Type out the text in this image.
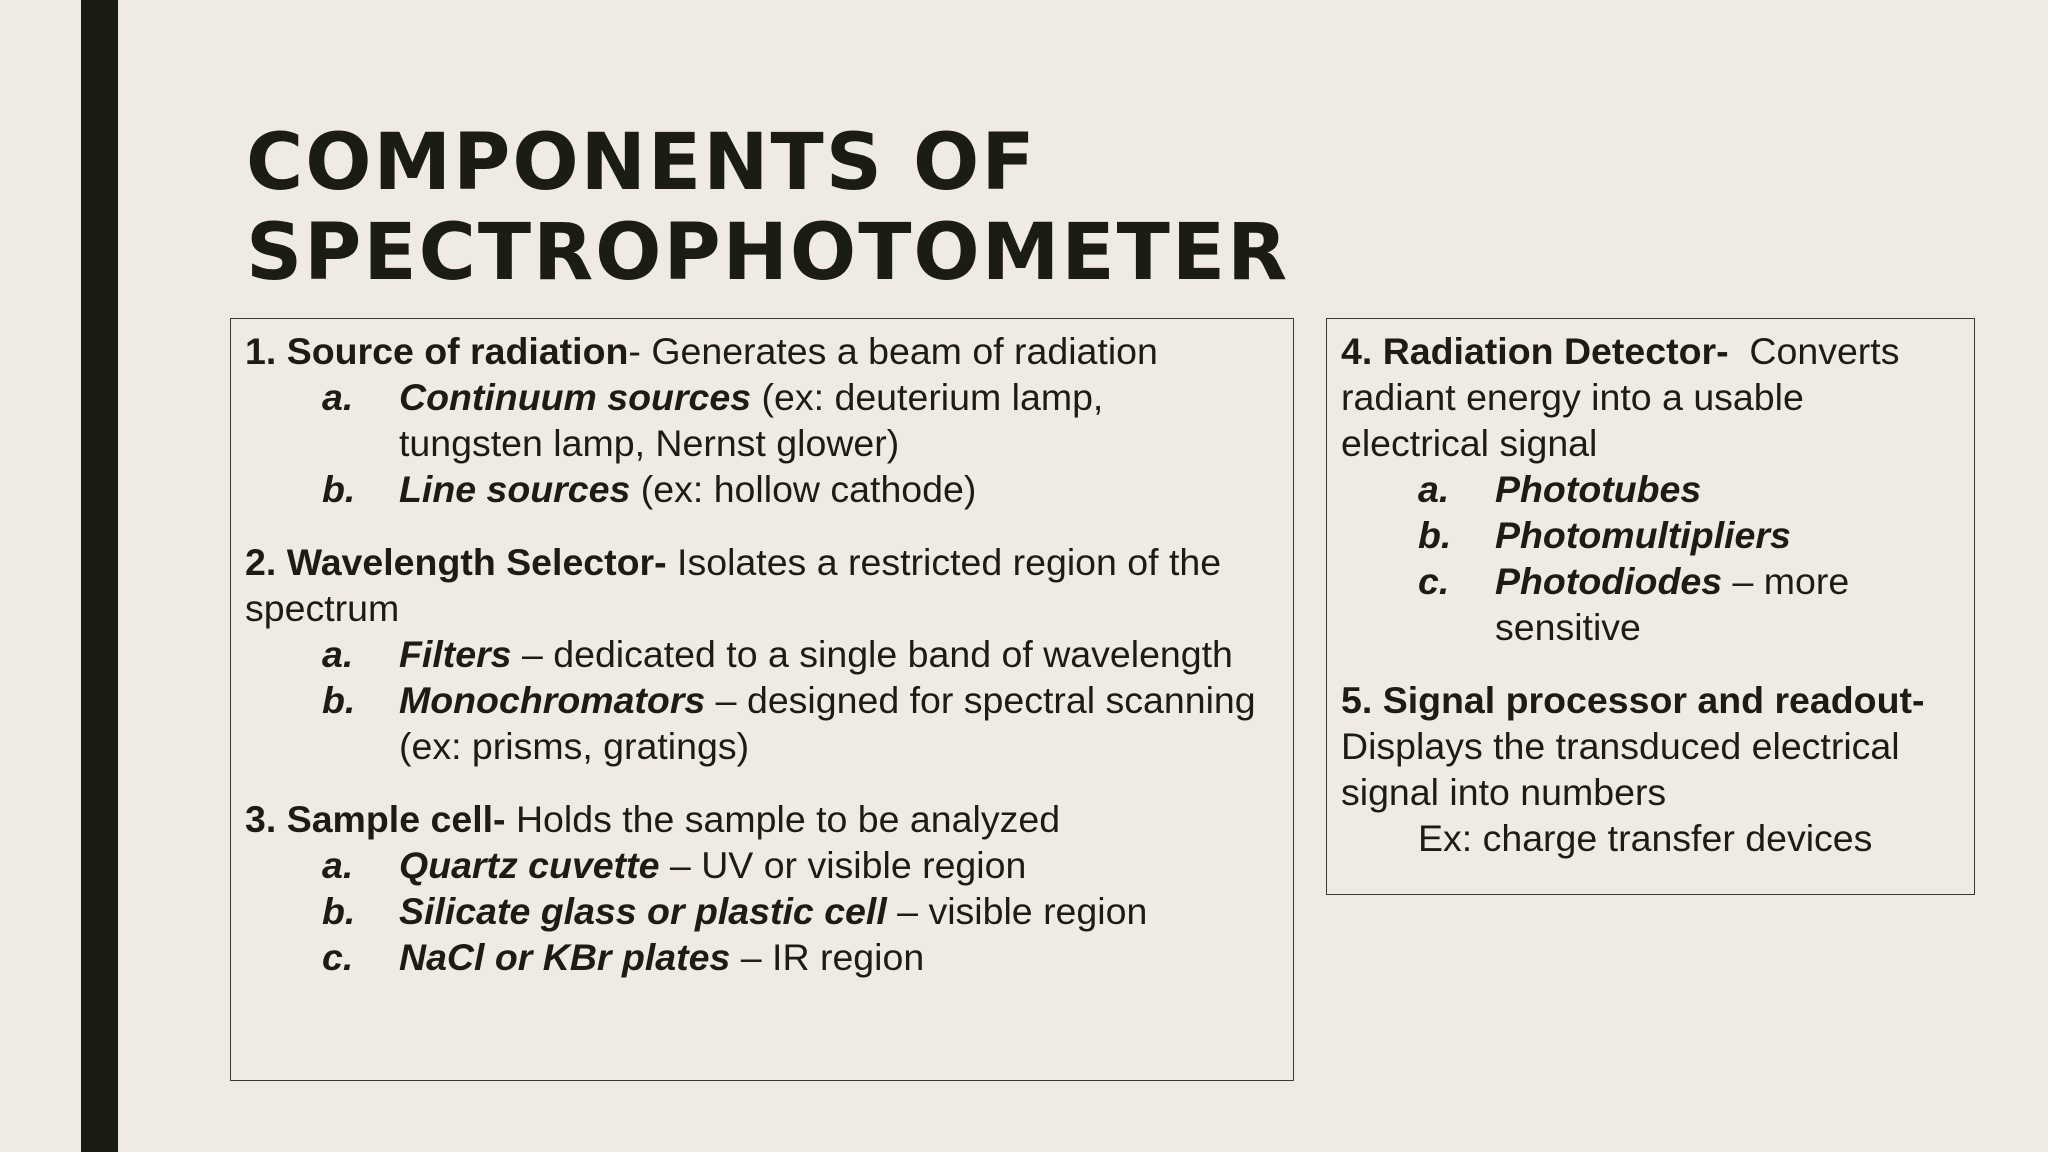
COMPONENTS OF
SPECTROPHOTOMETER
1. Source of radiation- Generates a beam of radiation
a.	Continuum sources (ex: deuterium lamp,
tungsten lamp, Nernst glower)
b.	Line sources (ex: hollow cathode)
2. Wavelength Selector- Isolates a restricted region of the
spectrum
a.	Filters – dedicated to a single band of wavelength
b.	Monochromators – designed for spectral scanning
(ex: prisms, gratings)
3. Sample cell- Holds the sample to be analyzed
a.	Quartz cuvette – UV or visible region
b.	Silicate glass or plastic cell – visible region
c.	NaCl or KBr plates – IR region
4. Radiation Detector-  Converts
radiant energy into a usable
electrical signal
a.	Phototubes
b.	Photomultipliers
c.	Photodiodes – more
sensitive
5. Signal processor and readout-
Displays the transduced electrical
signal into numbers
Ex: charge transfer devices
